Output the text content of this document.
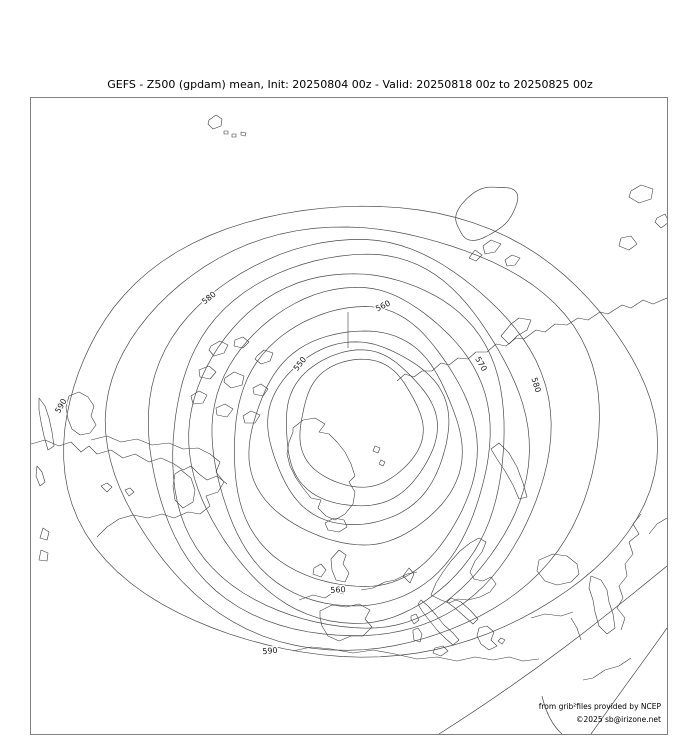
GEFS - Z500 (gpdam) mean, Init: 20250804 00z - Valid: 20250818 00z to 20250825 00z
580	560
570
580
590
550
560
590
from grib²files provided by NCEP
©2025 sb@irizone.net
